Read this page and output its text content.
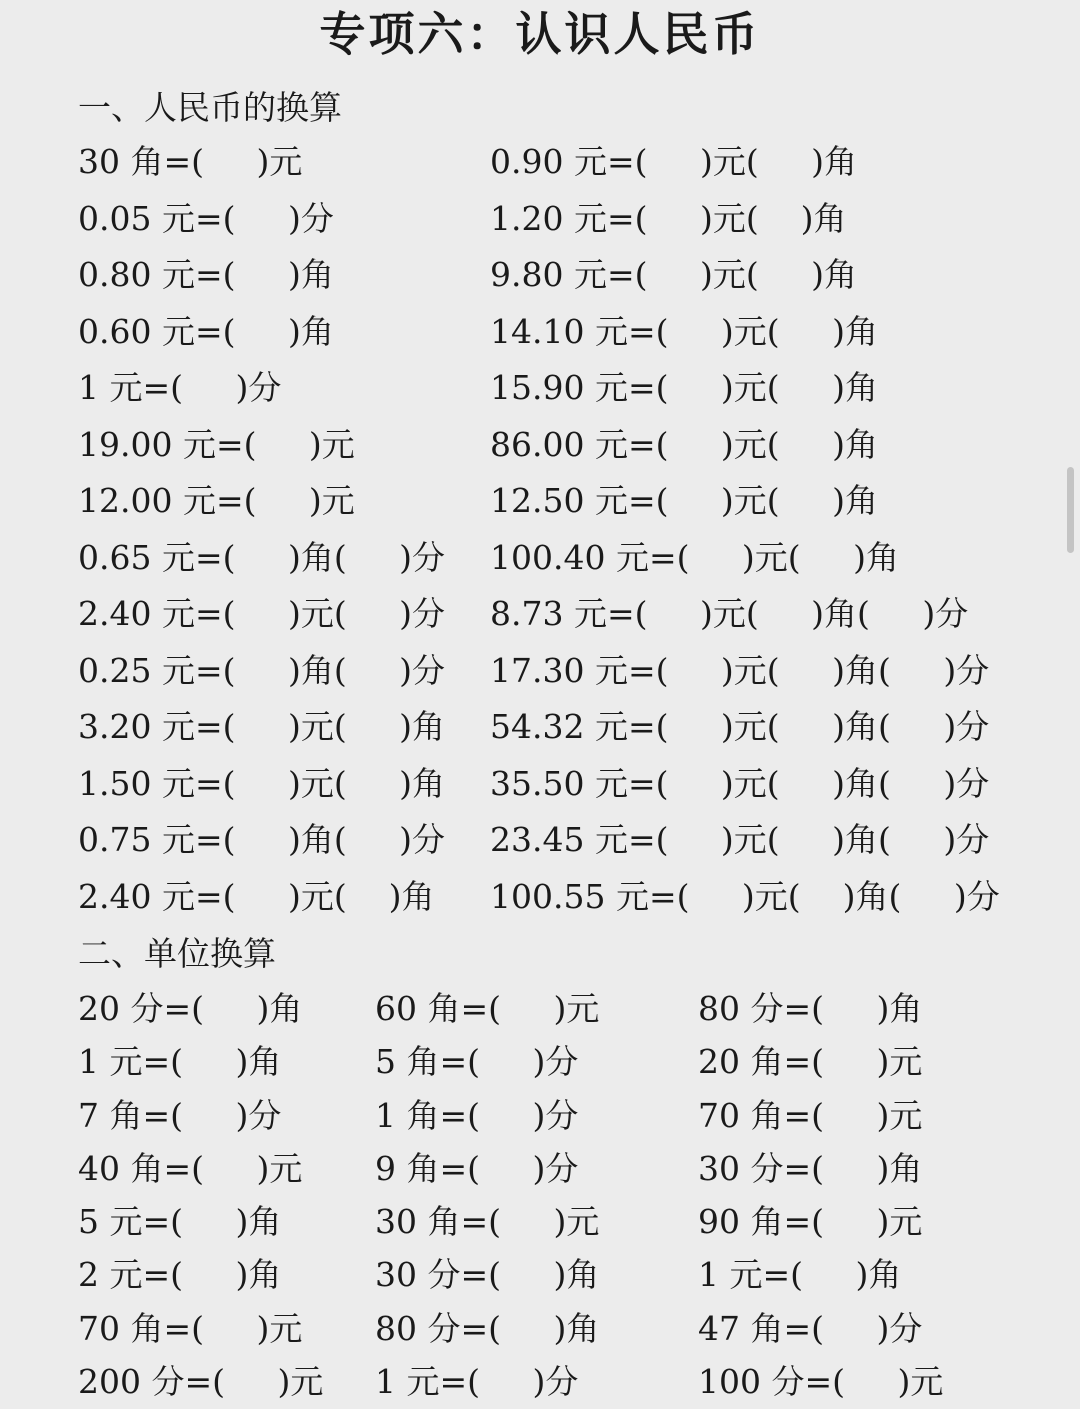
专项六：认识人民币
一、人民币的换算
30 角=(     )元	0.90 元=(     )元(     )角
0.05 元=(     )分	1.20 元=(     )元(    )角
0.80 元=(     )角	9.80 元=(     )元(     )角
0.60 元=(     )角	14.10 元=(     )元(     )角
1 元=(     )分	15.90 元=(     )元(     )角
19.00 元=(     )元	86.00 元=(     )元(     )角
12.00 元=(     )元	12.50 元=(     )元(     )角
0.65 元=(     )角(     )分 100.40 元=(     )元(     )角
2.40 元=(     )元(     )分 8.73 元=(     )元(     )角(     )分
0.25 元=(     )角(     )分 17.30 元=(     )元(     )角(     )分
3.20 元=(     )元(     )角 54.32 元=(     )元(     )角(     )分
1.50 元=(     )元(     )角 35.50 元=(     )元(     )角(     )分
0.75 元=(     )角(     )分 23.45 元=(     )元(     )角(     )分
2.40 元=(     )元(    )角 100.55 元=(     )元(    )角(     )分
二、单位换算
20 分=(     )角 60 角=(     )元	80 分=(     )角
1 元=(     )角	5 角=(     )分	20 角=(     )元
7 角=(     )分	1 角=(     )分	70 角=(     )元
40 角=(     )元 9 角=(     )分	30 分=(     )角
5 元=(     )角	30 角=(     )元	90 角=(     )元
2 元=(     )角	30 分=(     )角	1 元=(     )角
70 角=(     )元 80 分=(     )角	47 角=(     )分
200 分=(     )元 1 元=(     )分	100 分=(     )元
